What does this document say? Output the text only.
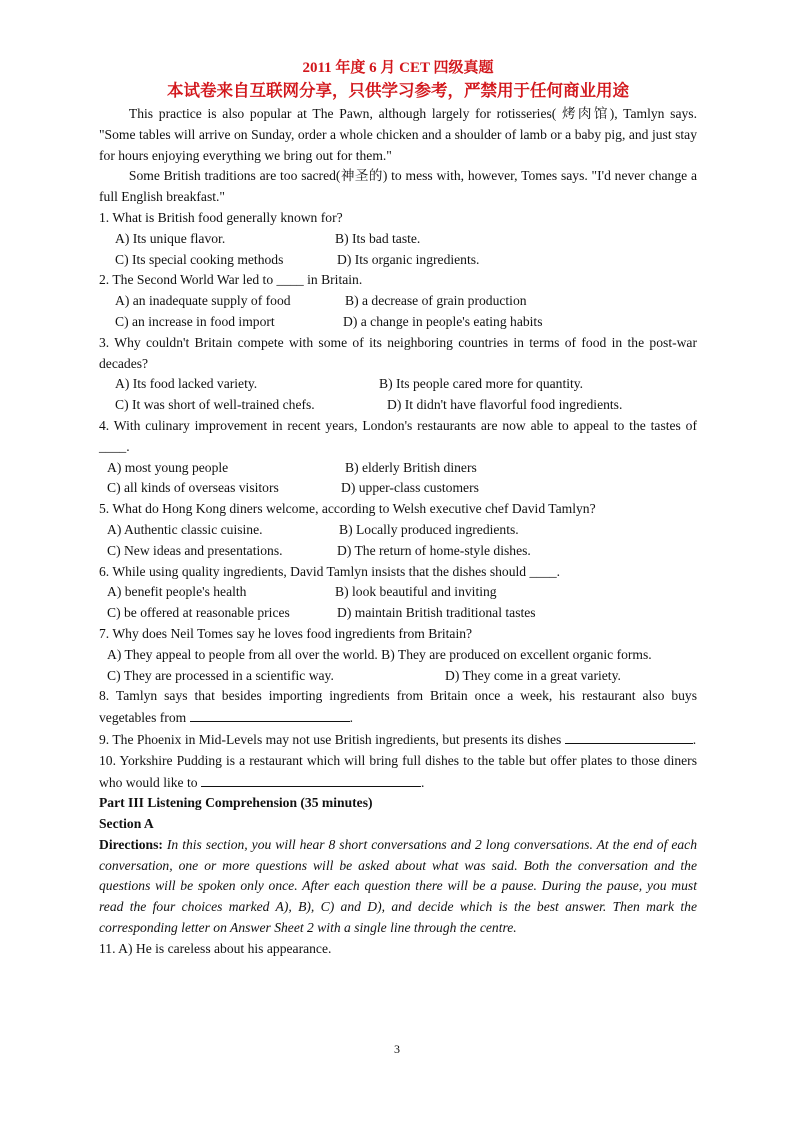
2011 年度 6 月 CET 四级真题
本试卷来自互联网分享，只供学习参考，严禁用于任何商业用途
This practice is also popular at The Pawn, although largely for rotisseries( 烤肉馆), Tamlyn says. "Some tables will arrive on Sunday, order a whole chicken and a shoulder of lamb or a baby pig, and just stay for hours enjoying everything we bring out for them."
Some British traditions are too sacred(神圣的) to mess with, however, Tomes says. "I'd never change a full English breakfast."
1. What is British food generally known for?
A) Its unique flavor.	B) Its bad taste.
C) Its special cooking methods	D) Its organic ingredients.
2. The Second World War led to ____ in Britain.
A) an inadequate supply of food	B) a decrease of grain production
C) an increase in food import	D) a change in people's eating habits
3. Why couldn't Britain compete with some of its neighboring countries in terms of food in the post-war decades?
A) Its food lacked variety.	B) Its people cared more for quantity.
C) It was short of well-trained chefs.	D) It didn't have flavorful food ingredients.
4. With culinary improvement in recent years, London's restaurants are now able to appeal to the tastes of ____.
A) most young people	B) elderly British diners
C) all kinds of overseas visitors	D) upper-class customers
5. What do Hong Kong diners welcome, according to Welsh executive chef David Tamlyn?
A) Authentic classic cuisine.	B) Locally produced ingredients.
C) New ideas and presentations.	D) The return of home-style dishes.
6. While using quality ingredients, David Tamlyn insists that the dishes should ____.
A) benefit people's health	B) look beautiful and inviting
C) be offered at reasonable prices	D) maintain British traditional tastes
7. Why does Neil Tomes say he loves food ingredients from Britain?
A) They appeal to people from all over the world. B) They are produced on excellent organic forms.
C) They are processed in a scientific way.	D) They come in a great variety.
8. Tamlyn says that besides importing ingredients from Britain once a week, his restaurant also buys vegetables from	.
9. The Phoenix in Mid-Levels may not use British ingredients, but presents its dishes	.
10. Yorkshire Pudding is a restaurant which will bring full dishes to the table but offer plates to those diners who would like to	.
Part III Listening Comprehension (35 minutes)
Section A
Directions: In this section, you will hear 8 short conversations and 2 long conversations. At the end of each conversation, one or more questions will be asked about what was said. Both the conversation and the questions will be spoken only once. After each question there will be a pause. During the pause, you must read the four choices marked A), B), C) and D), and decide which is the best answer. Then mark the corresponding letter on Answer Sheet 2 with a single line through the centre.
11. A) He is careless about his appearance.
3
